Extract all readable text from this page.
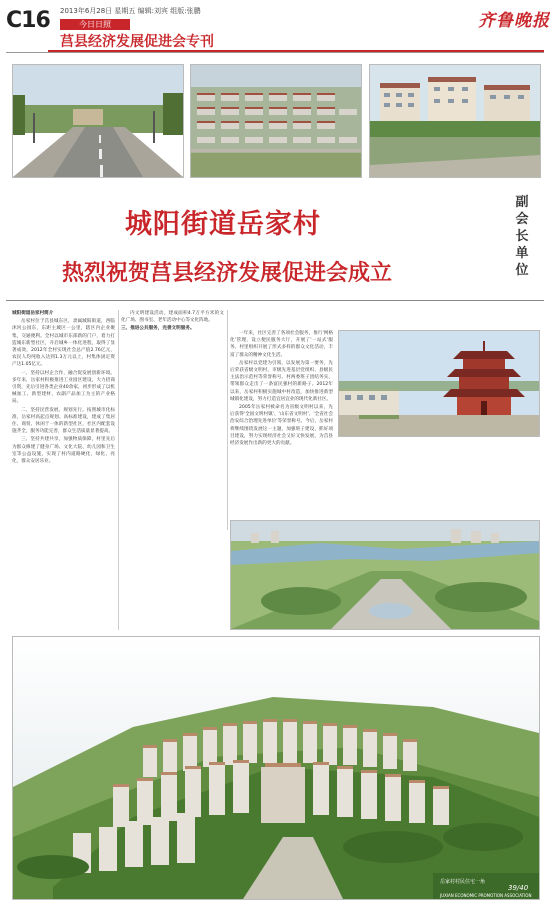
C16 2013年6月28日 星期五 编辑:刘宾 组版:张鹏	齐鲁晚报
今日日照
莒县经济发展促进会专刊
城阳街道岳家村
热烈祝贺莒县经济发展促进会成立
副会长单位

城阳街道岳家村简介

岳家村位于莒县城东区，隶属城阳街道，西临沭河公园东，东距主城区一公里，辖区内企业聚集，交通便利。全村以城市东部新的门户，着力打造城东新型社区，开启城乡一体化进程，取得了显著成效，2012年全村实现社会总产值2.76亿元，农民人均纯收入达到1.3万元以上，村集体固定资产达1.05亿元。

一、坚持以村企合作，融合促发展创新环境。多年来，岳家村积极推进工业园区建设，大力招商引资，先后引进各类企业40余家，初步形成了以机械加工、新型建材、农副产品加工为主的产业格局。

二、坚持民营发展、规划先行。按照城市化标准，岳家村高起点规划、高标准建设，建成了集居住、商贸、休闲于一体的新型社区，社区内配套设施齐全，服务功能完善，群众生活质量显著提高。

三、坚持共建共享，加强物质保障，村里先后为群众修建了健身广场、文化大院、幼儿园和卫生室等公益设施，实现了村内道路硬化、绿化、亮化，群众安居乐业。

内文明建设活动，建成面积4.7万平方米的文化广场、图书室、老年活动中心等文化阵地。

三、推进公共服务，完善文明服务。

一年来，社区完善了各项社会服务，推行'网格化'管理，设立便民服务大厅，开展了'一站式'服务。村里组织开展了形式多样的群众文化活动，丰富了群众的精神文化生活。

岳家村以党建为引领，以发展为第一要务，先后荣获省级文明村、市级先进基层党组织、县级民主法治示范村等荣誉称号。村两委班子团结务实，带领群众走出了一条富民强村的新路子。2012年以来，岳家村积极实施城中村改造，加快推进新型城镇化建设，努力打造宜居宜业的现代化新社区。

2005年岳家村被命名为省级文明村以来，先后获得'全国文明村镇'、'山东省文明村'、'全省社会治安综合治理先进单位'等荣誉称号。今后，岳家村将继续围绕发展这一主题，加强班子建设，抓好项目建设，努力实现经济社会又好又快发展，为莒县经济发展作出新的更大的贡献。

岳家村村民住宅一角
JUXIAN ECONOMIC PROMOTION ASSOCIATION
39/40
